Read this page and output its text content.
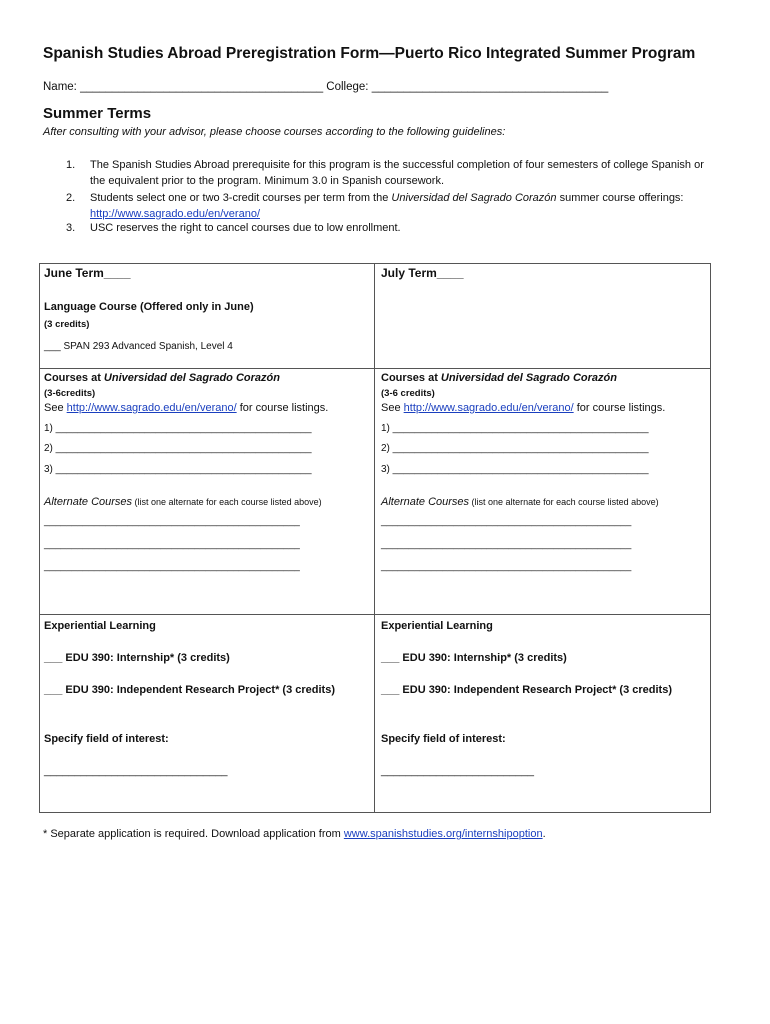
Spanish Studies Abroad Preregistration Form—Puerto Rico Integrated Summer Program
Name: ______________________________________ College: _____________________________________
Summer Terms
After consulting with your advisor, please choose courses according to the following guidelines:
1. The Spanish Studies Abroad prerequisite for this program is the successful completion of four semesters of college Spanish or
the equivalent prior to the program. Minimum 3.0 in Spanish coursework.
2. Students select one or two 3-credit courses per term from the Universidad del Sagrado Corazón summer course offerings:
http://www.sagrado.edu/en/verano/
3. USC reserves the right to cancel courses due to low enrollment.
June Term____
Language Course (Offered only in June)
(3 credits)
___ SPAN 293 Advanced Spanish, Level 4
Courses at Universidad del Sagrado Corazón
(3-6credits)
See http://www.sagrado.edu/en/verano/ for course listings.
1) ______________________________________________
2) ______________________________________________
3) ______________________________________________
Alternate Courses (list one alternate for each course listed above)
______________________________________________
______________________________________________
______________________________________________
Experiential Learning
___ EDU 390: Internship* (3 credits)
___ EDU 390: Independent Research Project* (3 credits)
Specify field of interest:
______________________________
July Term____
Courses at Universidad del Sagrado Corazón
(3-6 credits)
See http://www.sagrado.edu/en/verano/ for course listings.
1) ______________________________________________
2) ______________________________________________
3) ______________________________________________
Alternate Courses (list one alternate for each course listed above)
_____________________________________________
_____________________________________________
_____________________________________________
Experiential Learning
___ EDU 390: Internship* (3 credits)
___ EDU 390: Independent Research Project* (3 credits)
Specify field of interest:
_________________________
* Separate application is required. Download application from www.spanishstudies.org/internshipoption.
